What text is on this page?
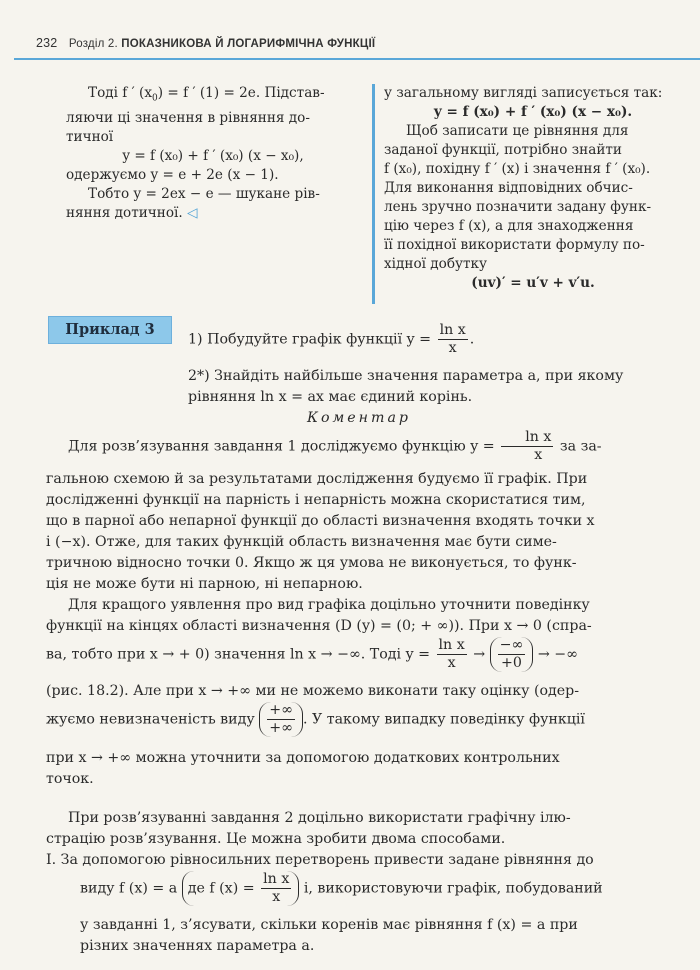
232 Розділ 2. ПОКАЗНИКОВА Й ЛОГАРИФМІЧНА ФУНКЦІЇ

Тоді f ′ $(x_0) = f$ ′ (1) = 2e. Підстав-

ляючи ці значення в рівняння до-

тичної

y = f (x₀) + f ′ (x₀) (x − x₀),

одержуємо y = e + 2e (x − 1).

Тобто y = 2ex − e — шукане рів-

няння дотичної. ◁

у загальному вигляді записується так:

y = f (x₀) + f ′ (x₀) (x − x₀).

Щоб записати це рівняння для

заданої функції, потрібно знайти

f (x₀), похідну f ′ (x) і значення f ′ (x₀).

Для виконання відповідних обчис-

лень зручно позначити задану функ-

цію через f (x), а для знаходження

її похідної використати формулу по-

хідної добутку

(uv)′ = u′v + v′u.

Приклад 3

1) Побудуйте графік функції $y = \frac{\text{ln x}}{x}$ .

2*) Знайдіть найбільше значення параметра a, при якому

рівняння ln x = ax має єдиний корінь.

Коментар

Для розв’язування завдання 1 досліджуємо функцію $y = \frac{\text{ln x}}{x}$ за за-

гальною схемою й за результатами дослідження будуємо її графік. При

дослідженні функції на парність і непарність можна скористатися тим,

що в парної або непарної функції до області визначення входять точки x

і (−x). Отже, для таких функцій область визначення має бути симе-

тричною відносно точки 0. Якщо ж ця умова не виконується, то функ-

ція не може бути ні парною, ні непарною.

Для кращого уявлення про вид графіка доцільно уточнити поведінку

функції на кінцях області визначення (D (y) = (0; + ∞)). При x → 0 (спра-

ва, тобто при x → + 0) значення ln x → −∞. Тоді $y = \frac{\text{ln x}}{x} \to \frac{-\infty}{+0}$ → −∞

(рис. 18.2). Але при x → +∞ ми не можемо виконати таку оцінку (одер-

жуємо невизначеність виду $\frac{+\infty}{+\infty}$ . У такому випадку поведінку функції

при x → +∞ можна уточнити за допомогою додаткових контрольних

точок.

При розв’язуванні завдання 2 доцільно використати графічну ілю-

страцію розв’язування. Це можна зробити двома способами.

I. За допомогою рівносильних перетворень привести задане рівняння до

виду f (x) = a де f $(x) = \frac{\text{ln x}}{x} і$, використовуючи графік, побудований

у завданні 1, з’ясувати, скільки коренів має рівняння f (x) = a при

різних значеннях параметра a.
